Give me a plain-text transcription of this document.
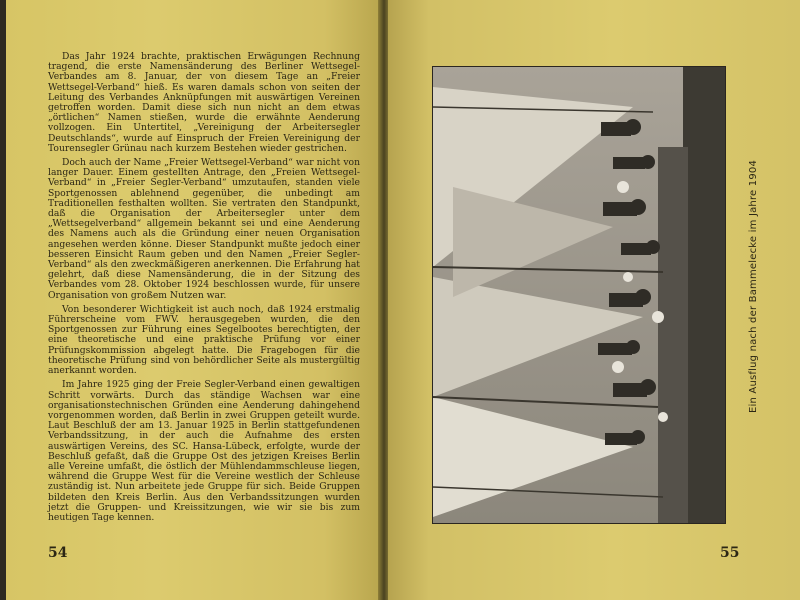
Das Jahr 1924 brachte, praktischen Erwägungen Rechnung tragend, die erste Namensänderung des Berliner Wettsegel-Verbandes am 8. Januar, der von diesem Tage an „Freier Wettsegel-Verband“ hieß. Es waren damals schon von seiten der Leitung des Verbandes Anknüpfungen mit auswärtigen Vereinen getroffen worden. Damit diese sich nun nicht an dem etwas „örtlichen“ Namen stießen, wurde die erwähnte Aenderung vollzogen. Ein Untertitel, „Vereinigung der Arbeitersegler Deutschlands“, wurde auf Einspruch der Freien Vereinigung der Tourensegler Grünau nach kurzem Bestehen wieder gestrichen.

Doch auch der Name „Freier Wettsegel-Verband“ war nicht von langer Dauer. Einem gestellten Antrage, den „Freien Wettsegel-Verband“ in „Freier Segler-Verband“ umzutaufen, standen viele Sportgenossen ablehnend gegenüber, die unbedingt am Traditionellen festhalten wollten. Sie vertraten den Standpunkt, daß die Organisation der Arbeitersegler unter dem „Wettsegelverband“ allgemein bekannt sei und eine Aenderung des Namens auch als die Gründung einer neuen Organisation angesehen werden könne. Dieser Standpunkt mußte jedoch einer besseren Einsicht Raum geben und den Namen „Freier Segler-Verband“ als den zweckmäßigeren anerkennen. Die Erfahrung hat gelehrt, daß diese Namensänderung, die in der Sitzung des Verbandes vom 28. Oktober 1924 beschlossen wurde, für unsere Organisation von großem Nutzen war.

Von besonderer Wichtigkeit ist auch noch, daß 1924 erstmalig Führerscheine vom FWV. herausgegeben wurden, die den Sportgenossen zur Führung eines Segelbootes berechtigten, der eine theoretische und eine praktische Prüfung vor einer Prüfungskommission abgelegt hatte. Die Fragebogen für die theoretische Prüfung sind von behördlicher Seite als mustergültig anerkannt worden.

Im Jahre 1925 ging der Freie Segler-Verband einen gewaltigen Schritt vorwärts. Durch das ständige Wachsen war eine organisationstechnischen Gründen eine Aenderung dahingehend vorgenommen worden, daß Berlin in zwei Gruppen geteilt wurde. Laut Beschluß der am 13. Januar 1925 in Berlin stattgefundenen Verbandssitzung, in der auch die Aufnahme des ersten auswärtigen Vereins, des SC. Hansa-Lübeck, erfolgte, wurde der Beschluß gefaßt, daß die Gruppe Ost des jetzigen Kreises Berlin alle Vereine umfaßt, die östlich der Mühlendammschleuse liegen, während die Gruppe West für die Vereine westlich der Schleuse zuständig ist. Nun arbeitete jede Gruppe für sich. Beide Gruppen bildeten den Kreis Berlin. Aus den Verbandssitzungen wurden jetzt die Gruppen- und Kreissitzungen, wie wir sie bis zum heutigen Tage kennen.

54
Ein Ausflug nach der Bammelecke im Jahre 1904
55
